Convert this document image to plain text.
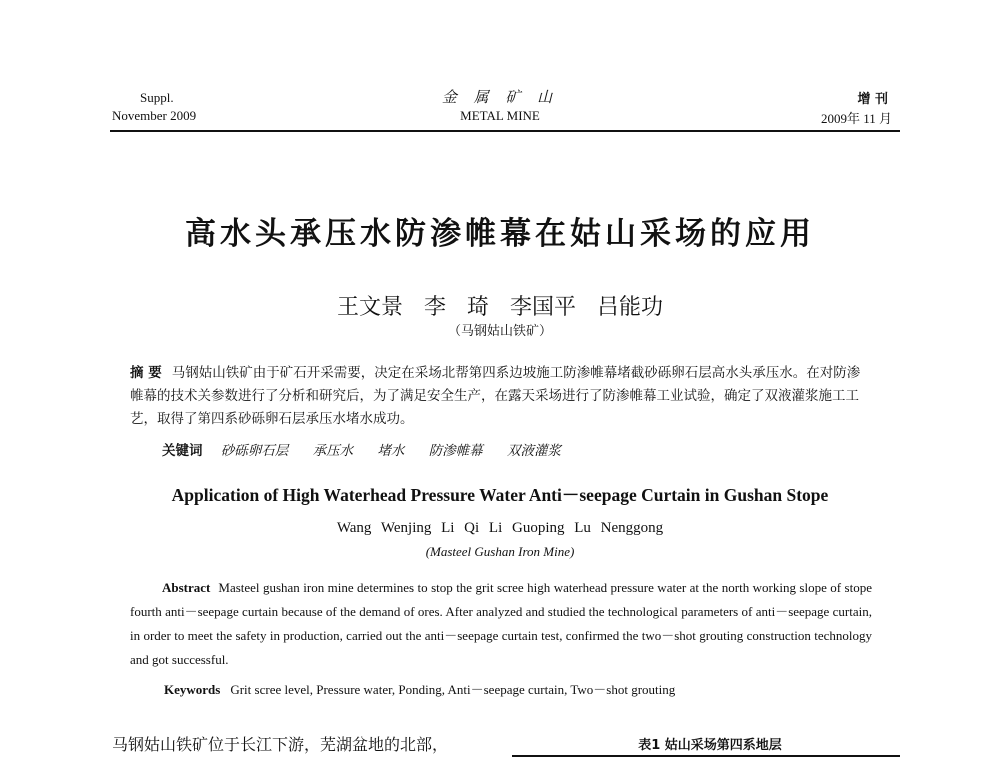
Suppl.
November 2009
金 属 矿 山
METAL MINE
增 刊
2009年 11 月
高水头承压水防渗帷幕在姑山采场的应用
王文景 李 琦 李国平 吕能功
（马钢姑山铁矿）
摘 要 马钢姑山铁矿由于矿石开采需要，决定在采场北帮第四系边坡施工防渗帷幕堵截砂砾卵石层高水头承压水。在对防渗帷幕的技术关参数进行了分析和研究后，为了满足安全生产，在露天采场进行了防渗帷幕工业试验，确定了双液灌浆施工工艺，取得了第四系砂砾卵石层承压水堵水成功。
关键词 砂砾卵石层 承压水 堵水 防渗帷幕 双液灌浆
Application of High Waterhead Pressure Water Anti－seepage Curtain in Gushan Stope
Wang Wenjing Li Qi Li Guoping Lu Nenggong
(Masteel Gushan Iron Mine)
Abstract Masteel gushan iron mine determines to stop the grit scree high waterhead pressure water at the north working slope of stope fourth anti－seepage curtain because of the demand of ores. After analyzed and studied the technological parameters of anti－seepage curtain, in order to meet the safety in production, carried out the anti－seepage curtain test, confirmed the two－shot grouting construction technology and got successful.
Keywords Grit scree level, Pressure water, Ponding, Anti－seepage curtain, Two－shot grouting
马钢姑山铁矿位于长江下游，芜湖盆地的北部，	表1 姑山采场第四系地层
